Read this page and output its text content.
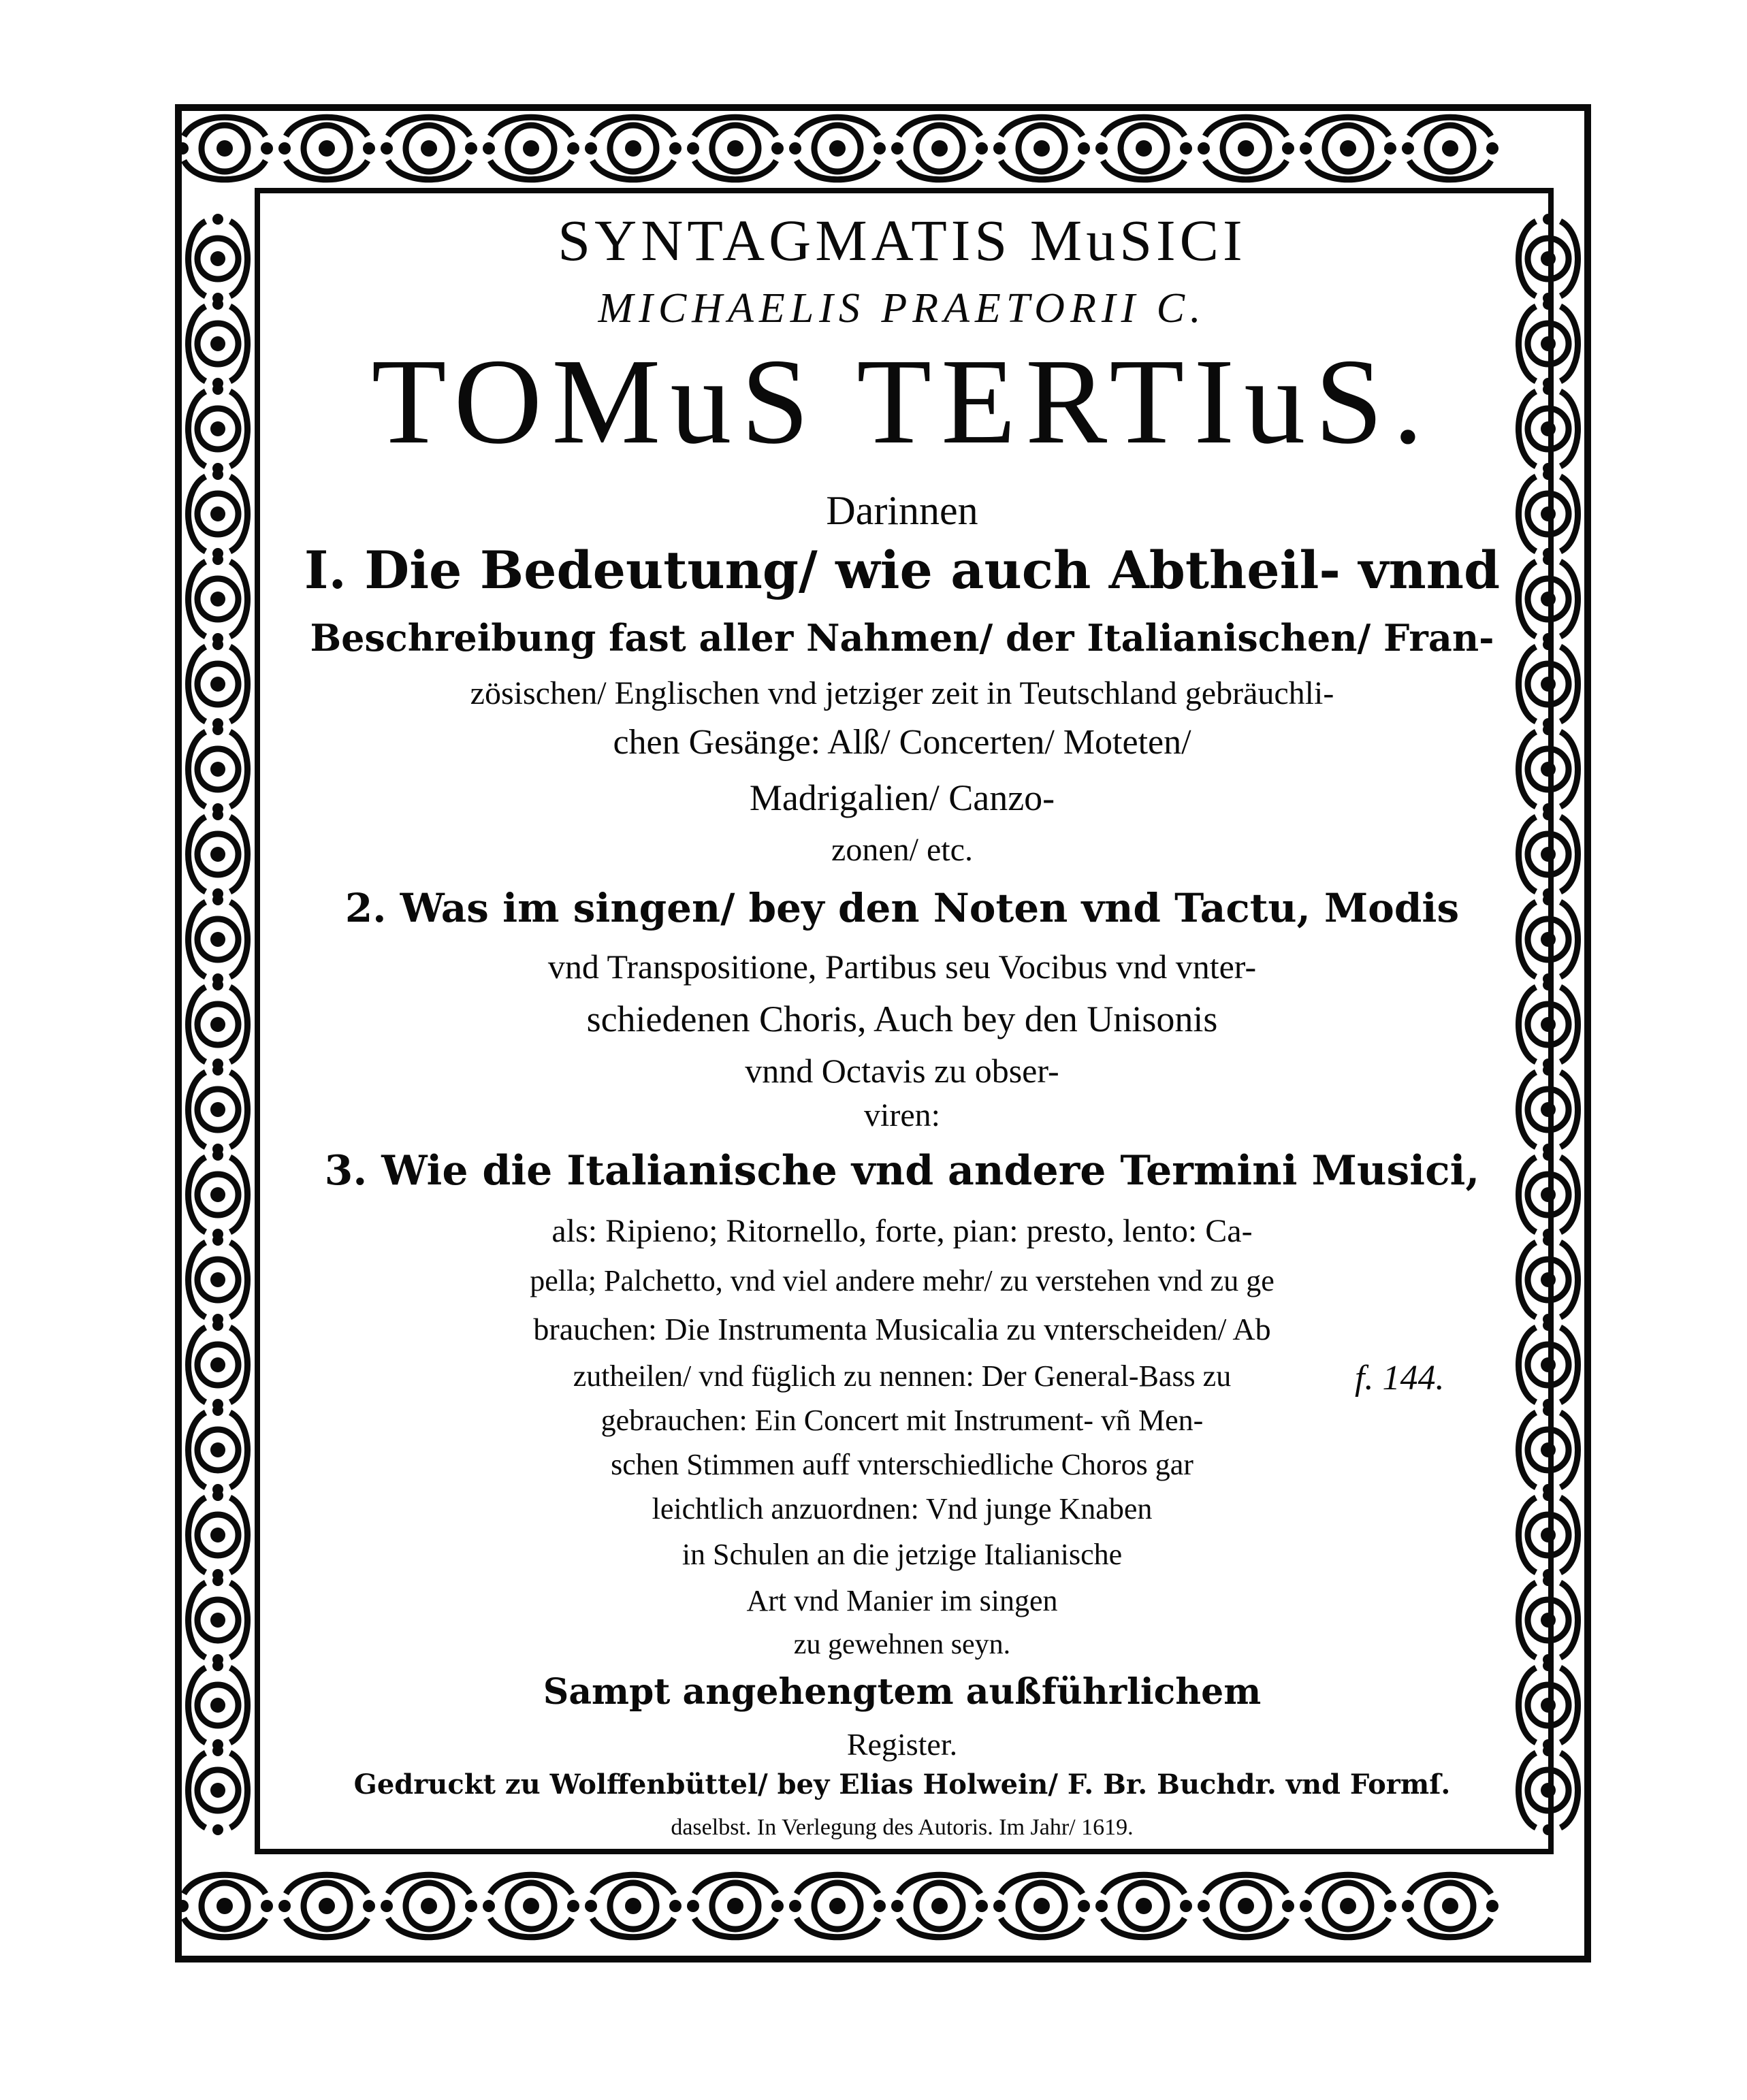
SYNTAGMATIS MuSICI
MICHAELIS PRAETORII C.
TOMuS TERTIuS.
Darinnen
I. Die Bedeutung/ wie auch Abtheil- vnnd
Beschreibung fast aller Nahmen/ der Italianischen/ Fran-
zösischen/ Englischen vnd jetziger zeit in Teutschland gebräuchli-
chen Gesänge: Alß/ Concerten/ Moteten/
Madrigalien/ Canzo-
zonen/ etc.
2. Was im singen/ bey den Noten vnd Tactu, Modis
vnd Transpositione, Partibus seu Vocibus vnd vnter-
schiedenen Choris, Auch bey den Unisonis
vnnd Octavis zu obser-
viren:
3. Wie die Italianische vnd andere Termini Musici,
als: Ripieno; Ritornello, forte, pian: presto, lento: Ca-
pella; Palchetto, vnd viel andere mehr/ zu verstehen vnd zu ge
brauchen: Die Instrumenta Musicalia zu vnterscheiden/ Ab
zutheilen/ vnd füglich zu nennen: Der General-Bass zu
gebrauchen: Ein Concert mit Instrument- vñ Men-
schen Stimmen auff vnterschiedliche Choros gar
leichtlich anzuordnen: Vnd junge Knaben
in Schulen an die jetzige Italianische
Art vnd Manier im singen
zu gewehnen seyn.
Sampt angehengtem außführlichem
Register.
Gedruckt zu Wolffenbüttel/ bey Elias Holwein/ F. Br. Buchdr. vnd Formſ.
daselbst. In Verlegung des Autoris. Im Jahr/ 1619.
f. 144.
